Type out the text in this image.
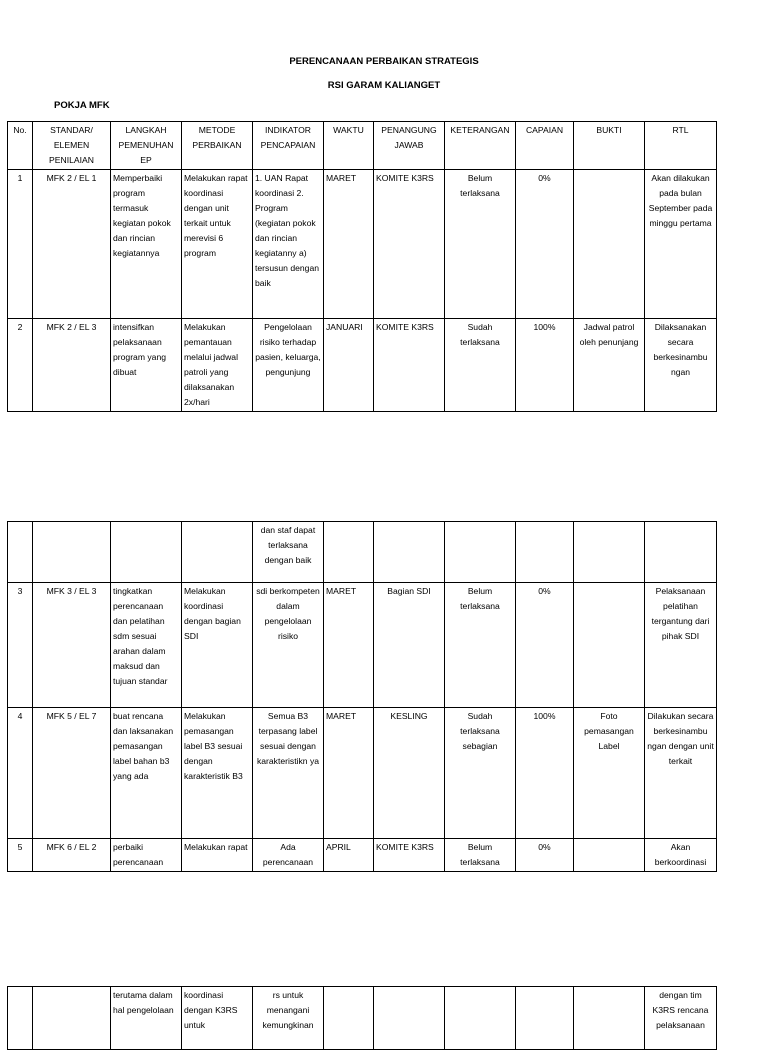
PERENCANAAN PERBAIKAN STRATEGIS
RSI GARAM KALIANGET
POKJA MFK
No.	STANDAR/ ELEMEN PENILAIAN	LANGKAH PEMENUHAN EP	METODE PERBAIKAN	INDIKATOR PENCAPAIAN	WAKTU	PENANGUNG JAWAB	KETERANGAN	CAPAIAN	BUKTI	RTL
1	MFK 2 / EL 1	Memperbaiki program termasuk kegiatan pokok dan rincian kegiatannya	Melakukan rapat koordinasi dengan unit terkait untuk merevisi 6 program	1. UAN Rapat koordinasi 2. Program (kegiatan pokok dan rincian kegiatanny a) tersusun dengan baik	MARET	KOMITE K3RS	Belum terlaksana	0%		Akan dilakukan pada bulan September pada minggu pertama
2	MFK 2 / EL 3	intensifkan pelaksanaan program yang dibuat	Melakukan pemantauan melalui jadwal patroli yang dilaksanakan 2x/hari	Pengelolaan risiko terhadap pasien, keluarga, pengunjung	JANUARI	KOMITE K3RS	Sudah terlaksana	100%	Jadwal patrol oleh penunjang	Dilaksanakan secara berkesinambu ngan
				dan staf dapat terlaksana dengan baik						
3	MFK 3 / EL 3	tingkatkan perencanaan dan pelatihan sdm sesuai arahan dalam maksud dan tujuan standar	Melakukan koordinasi dengan bagian SDI	sdi berkompeten dalam pengelolaan risiko	MARET	Bagian SDI	Belum terlaksana	0%		Pelaksanaan pelatihan tergantung dari pihak SDI
4	MFK 5 / EL 7	buat rencana dan laksanakan pemasangan label bahan b3 yang ada	Melakukan pemasangan label B3 sesuai dengan karakteristik B3	Semua B3 terpasang label sesuai dengan karakteristikn ya	MARET	KESLING	Sudah terlaksana sebagian	100%	Foto pemasangan Label	Dilakukan secara berkesinambu ngan dengan unit terkait
5	MFK 6 / EL 2	perbaiki perencanaan	Melakukan rapat	Ada perencanaan	APRIL	KOMITE K3RS	Belum terlaksana	0%		Akan berkoordinasi
		terutama dalam hal pengelolaan	koordinasi dengan K3RS untuk	rs untuk menangani kemungkinan						dengan tim K3RS rencana pelaksanaan
